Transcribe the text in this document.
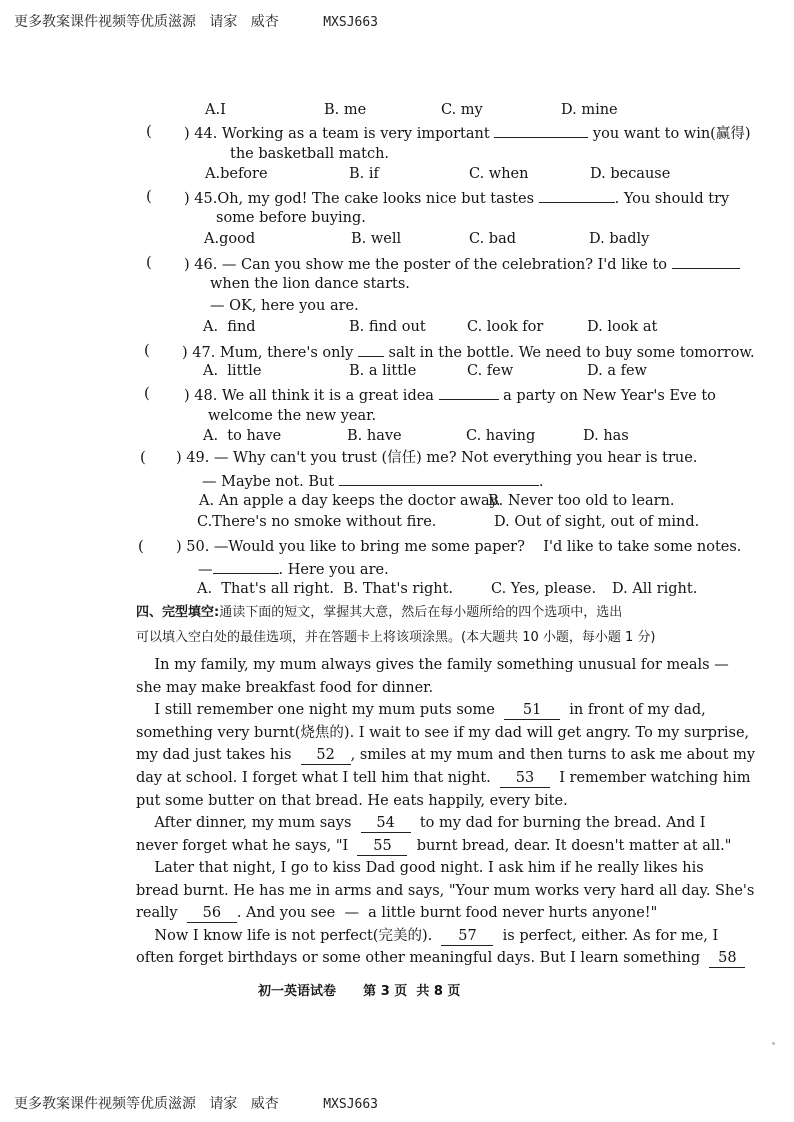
更多教案课件视频等优质滋源   请家   威杏	MXSJ663
A.I	B. me	C. my	D. mine
( ) 44. Working as a team is very important	you want to win(赢得)
the basketball match.
A.before	B. if	C. when	D. because
( ) 45.Oh, my god! The cake looks nice but tastes	. You should try
some before buying.
A.good	B. well	C. bad	D. badly
( ) 46. — Can you show me the poster of the celebration? I'd like to
when the lion dance starts.
— OK, here you are.
A.  find	B. find out	C. look for	D. look at
( ) 47. Mum, there's only salt in the bottle. We need to buy some tomorrow.
A.  little	B. a little	C. few	D. a few
( ) 48. We all think it is a great idea	a party on New Year's Eve to
welcome the new year.
A.  to have	B. have	C. having	D. has
( ) 49. — Why can't you trust (信任) me? Not everything you hear is true.
— Maybe not. But	.
A. An apple a day keeps the doctor away.
B. Never too old to learn.
C.There's no smoke without fire.	D. Out of sight, out of mind.
( ) 50. —Would you like to bring me some paper?    I'd like to take some notes.
—	. Here you are.
A.  That's all right. B. That's right.	C. Yes, please. D. All right.
四、完型填空:通读下面的短文，掌握其大意，然后在每小题所给的四个选项中，选出
可以填入空白处的最佳选项，并在答题卡上将该项涂黑。(本大题共 10 小题，每小题 1 分)
In my family, my mum always gives the family something unusual for meals —
she may make breakfast food for dinner.
I still remember one night my mum puts some 51 in front of my dad,
something very burnt(烧焦的). I wait to see if my dad will get angry. To my surprise,
my dad just takes his 52 , smiles at my mum and then turns to ask me about my
day at school. I forget what I tell him that night. 53 I remember watching him
put some butter on that bread. He eats happily, every bite.
After dinner, my mum says 54 to my dad for burning the bread. And I
never forget what he says, "I 55 burnt bread, dear. It doesn't matter at all."
Later that night, I go to kiss Dad good night. I ask him if he really likes his
bread burnt. He has me in arms and says, "Your mum works very hard all day. She's
really 56 . And you see  —  a little burnt food never hurts anyone!"
Now I know life is not perfect(完美的). 57 is perfect, either. As for me, I
often forget birthdays or some other meaningful days. But I learn something 58
初一英语试卷 第 3 页  共 8 页
更多教案课件视频等优质滋源   请家   威杏	MXSJ663
